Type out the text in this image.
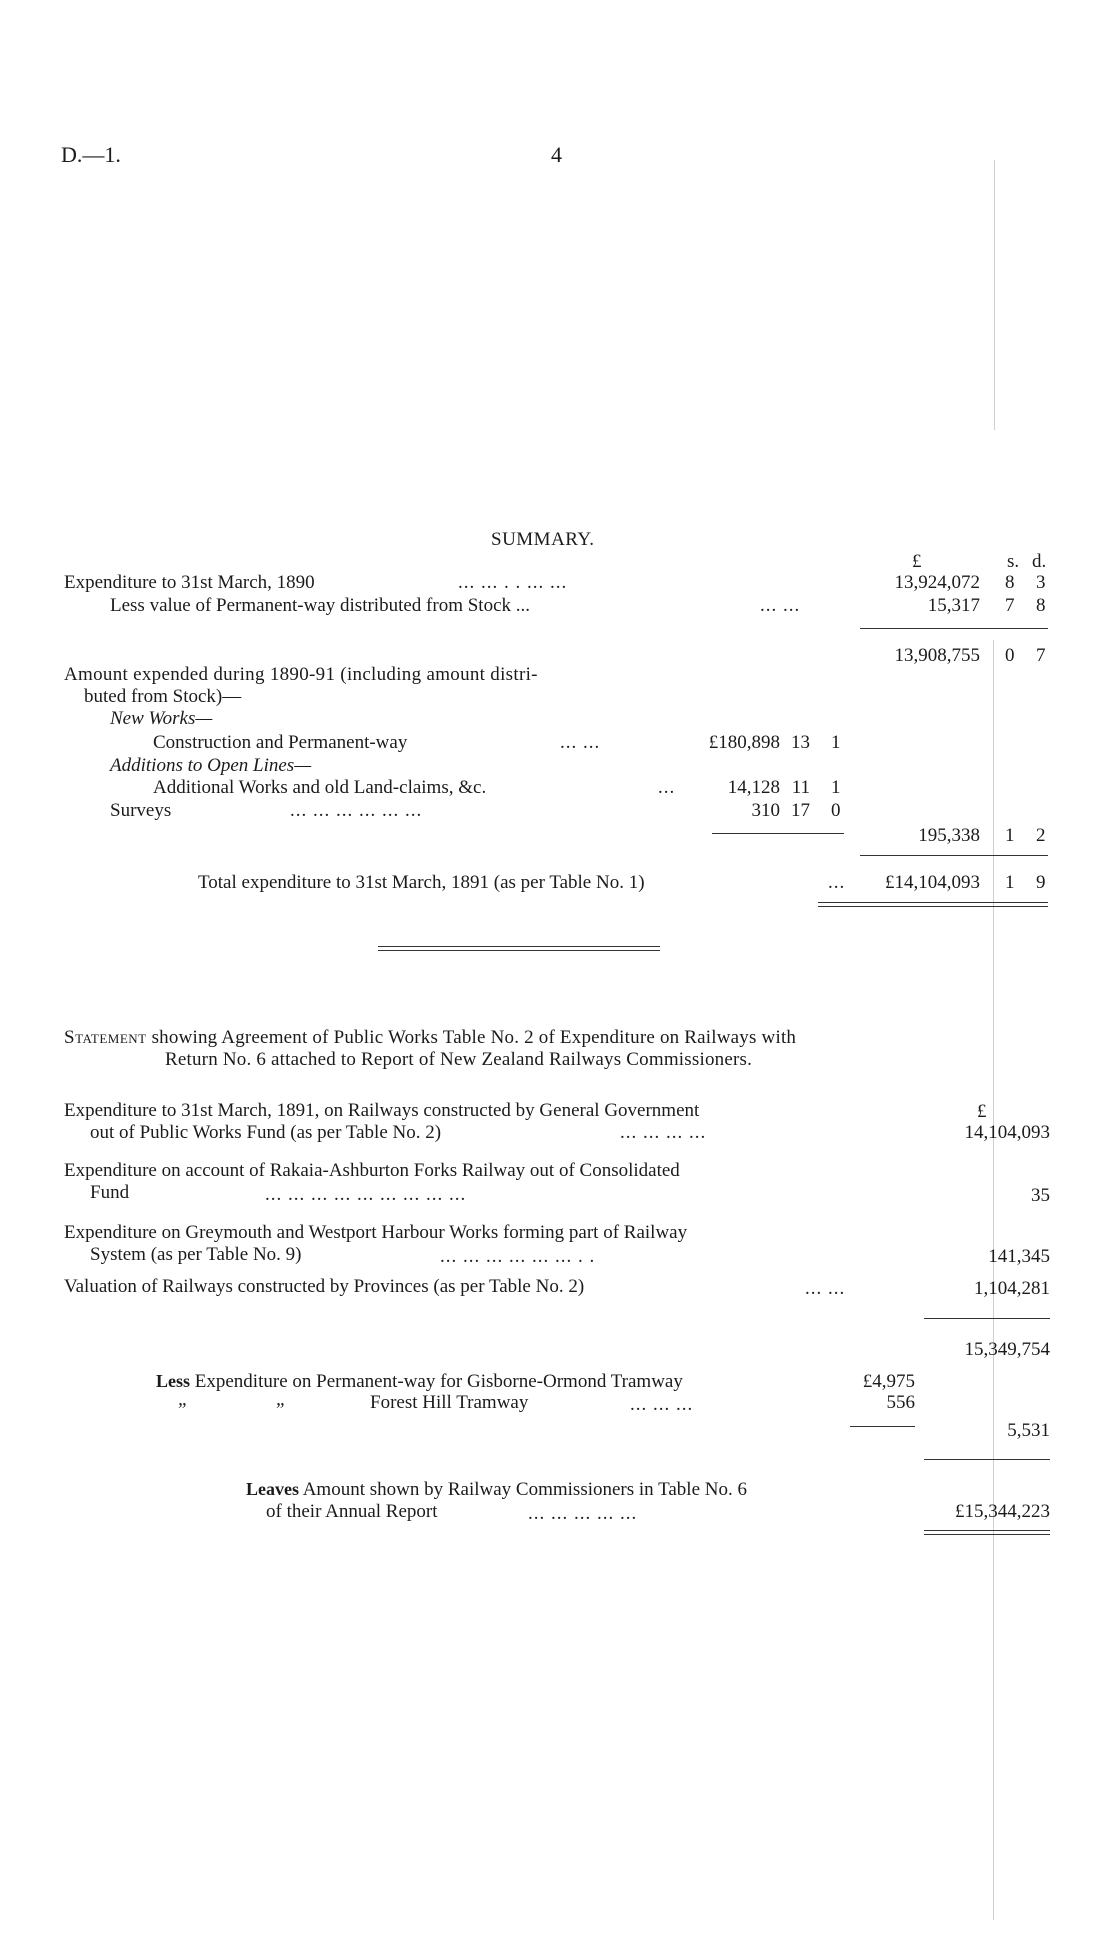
D.—1.	4
SUMMARY.
£	s. d.
Expenditure to 31st March, 1890	... ... . . ... ...	13,924,072 8 3
Less value of Permanent-way distributed from Stock ...	... ...	15,317 7 8
13,908,755 0 7
Amount expended during 1890-91 (including amount distri-
buted from Stock)—
New Works—
Construction and Permanent-way	... ...	£180,898 13 1
Additions to Open Lines—
Additional Works and old Land-claims, &c.	...	14,128 11 1
Surveys	... ... ... ... ... ...	310 17 0
195,338 1 2
Total expenditure to 31st March, 1891 (as per Table No. 1)	...	£14,104,093 1 9
Statement showing Agreement of Public Works Table No. 2 of Expenditure on Railways with
Return No. 6 attached to Report of New Zealand Railways Commissioners.
£
Expenditure to 31st March, 1891, on Railways constructed by General Government
out of Public Works Fund (as per Table No. 2)	... ... ... ...	14,104,093
Expenditure on account of Rakaia-Ashburton Forks Railway out of Consolidated
Fund	... ... ... ... ... ... ... ... ...	35
Expenditure on Greymouth and Westport Harbour Works forming part of Railway
System (as per Table No. 9)	... ... ... ... ... ... . .	141,345
Valuation of Railways constructed by Provinces (as per Table No. 2)	... ...	1,104,281
15,349,754
Less Expenditure on Permanent-way for Gisborne-Ormond Tramway	£4,975
„	„	Forest Hill Tramway	... ... ...	556
5,531
Leaves Amount shown by Railway Commissioners in Table No. 6
of their Annual Report	... ... ... ... ...	£15,344,223
